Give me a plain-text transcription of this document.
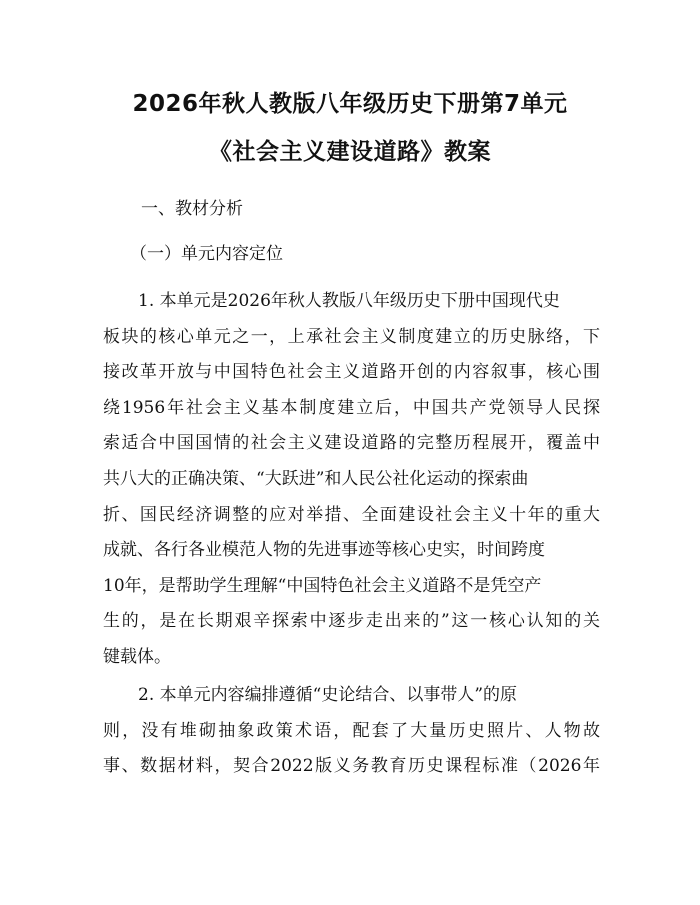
2026年秋人教版八年级历史下册第7单元
《社会主义建设道路》教案
一、教材分析
（一）单元内容定位
1. 本单元是2026年秋人教版八年级历史下册中国现代史
板块的核心单元之一，上承社会主义制度建立的历史脉络，下
接改革开放与中国特色社会主义道路开创的内容叙事，核心围
绕1956年社会主义基本制度建立后，中国共产党领导人民探
索适合中国国情的社会主义建设道路的完整历程展开，覆盖中
共八大的正确决策、“大跃进”和人民公社化运动的探索曲
折、国民经济调整的应对举措、全面建设社会主义十年的重大
成就、各行各业模范人物的先进事迹等核心史实，时间跨度
10年，是帮助学生理解“中国特色社会主义道路不是凭空产
生的，是在长期艰辛探索中逐步走出来的”这一核心认知的关
键载体。
2. 本单元内容编排遵循“史论结合、以事带人”的原
则，没有堆砌抽象政策术语，配套了大量历史照片、人物故
事、数据材料，契合2022版义务教育历史课程标准（2026年
